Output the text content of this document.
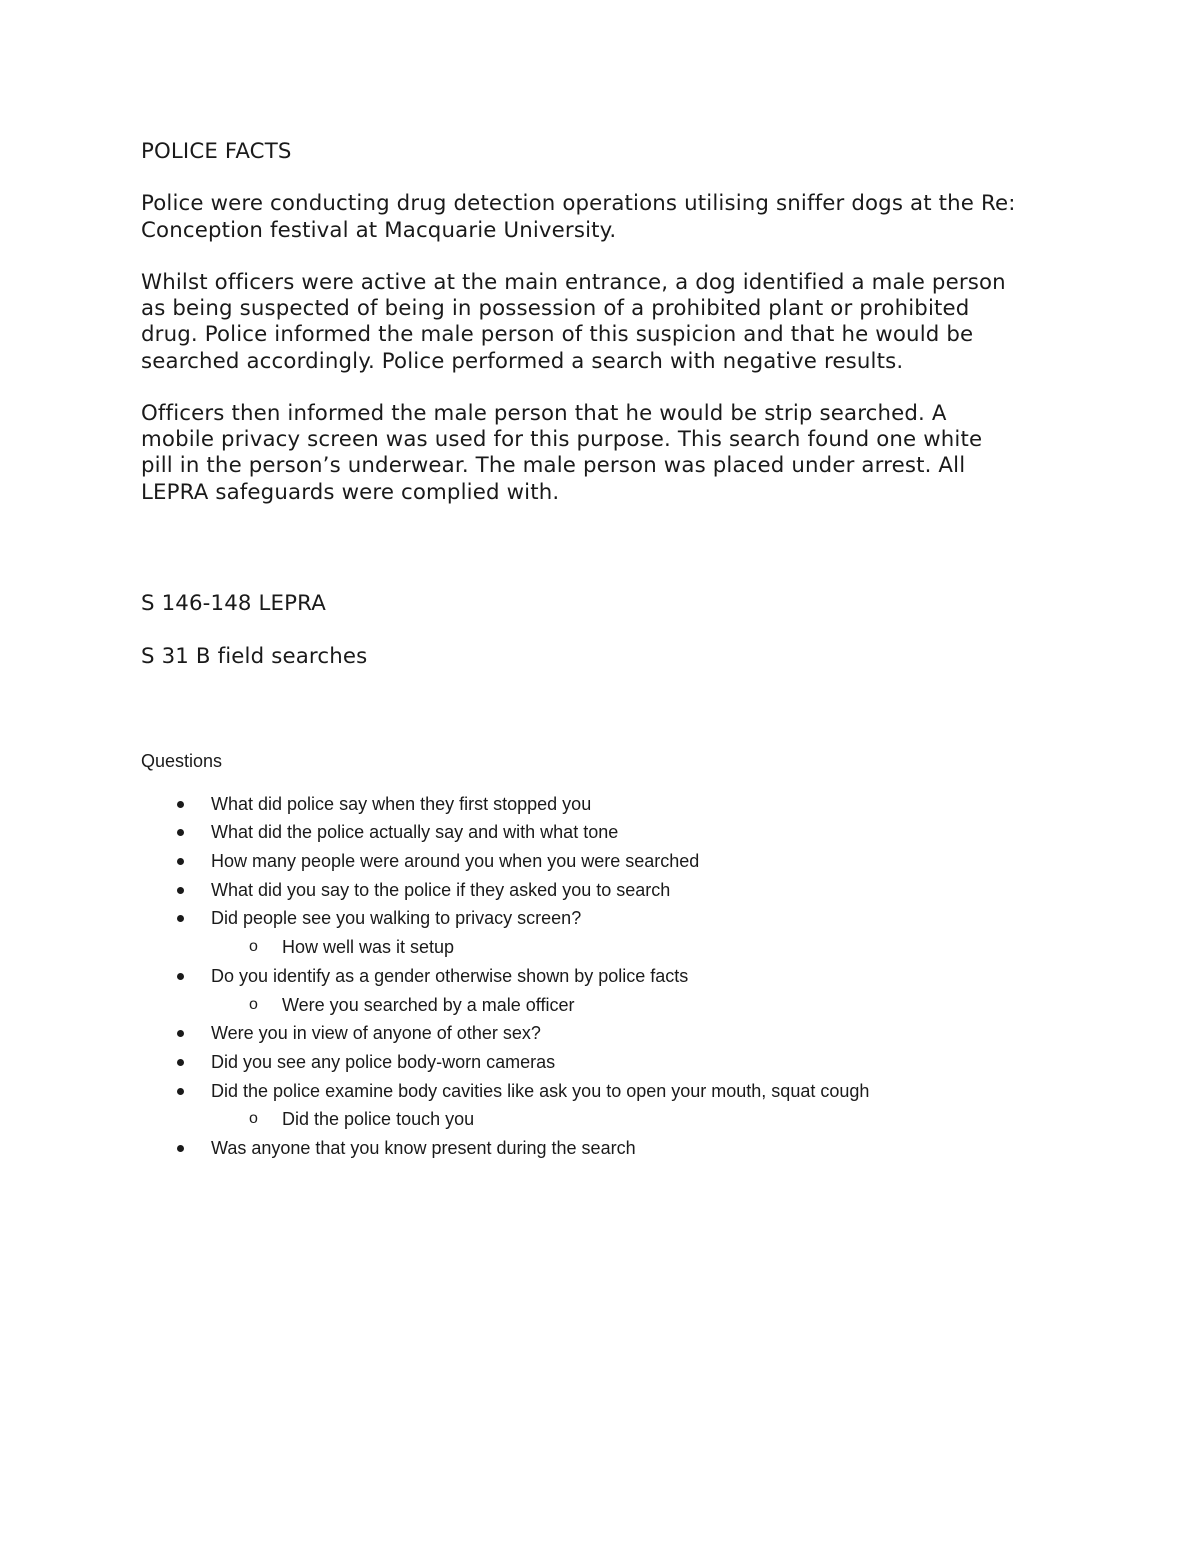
POLICE FACTS

Police were conducting drug detection operations utilising sniffer dogs at the Re:

Conception festival at Macquarie University.

Whilst officers were active at the main entrance, a dog identified a male person

as being suspected of being in possession of a prohibited plant or prohibited

drug. Police informed the male person of this suspicion and that he would be

searched accordingly. Police performed a search with negative results.

Officers then informed the male person that he would be strip searched. A

mobile privacy screen was used for this purpose. This search found one white

pill in the person’s underwear. The male person was placed under arrest. All

LEPRA safeguards were complied with.

S 146-148 LEPRA

S 31 B field searches

Questions

What did police say when they first stopped you
What did the police actually say and with what tone
How many people were around you when you were searched
What did you say to the police if they asked you to search
Did people see you walking to privacy screen?
o How well was it setup
Do you identify as a gender otherwise shown by police facts
o Were you searched by a male officer
Were you in view of anyone of other sex?
Did you see any police body-worn cameras
Did the police examine body cavities like ask you to open your mouth, squat cough
o Did the police touch you
Was anyone that you know present during the search
